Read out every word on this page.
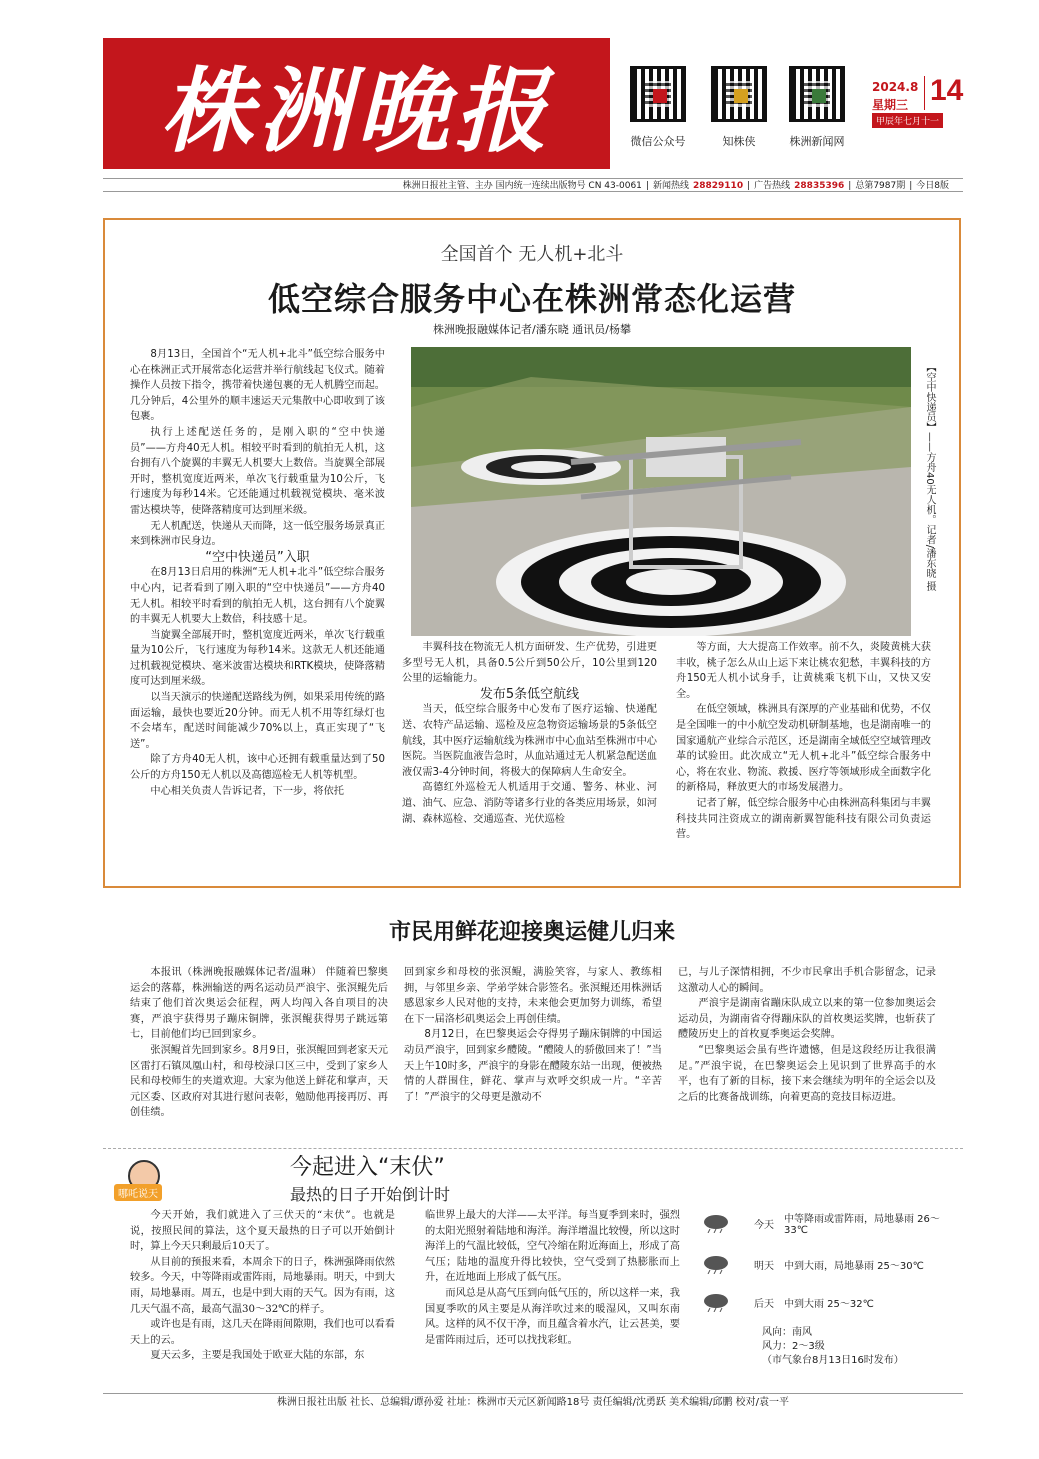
株洲晚报	微信公众号	知株侠	株洲新闻网
2024.8
星期三 14
甲辰年七月十一
株洲日报社主管、主办 国内统一连续出版物号 CN 43-0061 | 新闻热线 28829110 | 广告热线 28835396 | 总第7987期 | 今日8版
全国首个 无人机+北斗
低空综合服务中心在株洲常态化运营
株洲晚报融媒体记者/潘东晓 通讯员/杨攀
【空中快递员】——方舟40无人机。记者/潘东晓 摄

8月13日，全国首个“无人机+北斗”低空综合服务中心在株洲正式开展常态化运营并举行航线起飞仪式。随着操作人员按下指令，携带着快递包裹的无人机腾空而起。几分钟后，4公里外的顺丰速运天元集散中心即收到了该包裹。

执行上述配送任务的，是刚入职的“空中快递员”——方舟40无人机。相较平时看到的航拍无人机，这台拥有八个旋翼的丰翼无人机要大上数倍。当旋翼全部展开时，整机宽度近两米，单次飞行载重量为10公斤，飞行速度为每秒14米。它还能通过机载视觉模块、毫米波雷达模块等，使降落精度可达到厘米级。

无人机配送，快递从天而降，这一低空服务场景真正来到株洲市民身边。

“空中快递员”入职

在8月13日启用的株洲“无人机+北斗”低空综合服务中心内，记者看到了刚入职的“空中快递员”——方舟40无人机。相较平时看到的航拍无人机，这台拥有八个旋翼的丰翼无人机要大上数倍，科技感十足。

当旋翼全部展开时，整机宽度近两米，单次飞行载重量为10公斤，飞行速度为每秒14米。这款无人机还能通过机载视觉模块、毫米波雷达模块和RTK模块，使降落精度可达到厘米级。

以当天演示的快递配送路线为例，如果采用传统的路面运输，最快也要近20分钟。而无人机不用等红绿灯也不会堵车，配送时间能减少70%以上，真正实现了“飞送”。

除了方舟40无人机，该中心还拥有载重量达到了50公斤的方舟150无人机以及高德巡检无人机等机型。

中心相关负责人告诉记者，下一步，将依托

丰翼科技在物流无人机方面研发、生产优势，引进更多型号无人机，具备0.5公斤到50公斤，10公里到120公里的运输能力。

发布5条低空航线

当天，低空综合服务中心发布了医疗运输、快递配送、农特产品运输、巡检及应急物资运输场景的5条低空航线，其中医疗运输航线为株洲市中心血站至株洲市中心医院。当医院血液告急时，从血站通过无人机紧急配送血液仅需3-4分钟时间，将极大的保障病人生命安全。

高德红外巡检无人机适用于交通、警务、林业、河道、油气、应急、消防等诸多行业的各类应用场景，如河湖、森林巡检、交通巡查、光伏巡检

等方面，大大提高工作效率。前不久，炎陵黄桃大获丰收，桃子怎么从山上运下来让桃农犯愁，丰翼科技的方舟150无人机小试身手，让黄桃乘飞机下山，又快又安全。

在低空领域，株洲具有深厚的产业基础和优势，不仅是全国唯一的中小航空发动机研制基地，也是湖南唯一的国家通航产业综合示范区，还是湖南全域低空空域管理改革的试验田。此次成立“无人机+北斗”低空综合服务中心，将在农业、物流、救援、医疗等领域形成全面数字化的新格局，释放更大的市场发展潜力。

记者了解，低空综合服务中心由株洲高科集团与丰翼科技共同注资成立的湖南新翼智能科技有限公司负责运营。

市民用鲜花迎接奥运健儿归来

本报讯（株洲晚报融媒体记者/温琳） 伴随着巴黎奥运会的落幕，株洲输送的两名运动员严浪宇、张溟鲲先后结束了他们首次奥运会征程，两人均闯入各自项目的决赛，严浪宇获得男子蹦床铜牌，张溟鲲获得男子跳远第七，目前他们均已回到家乡。

张溟鲲首先回到家乡。8月9日，张溟鲲回到老家天元区雷打石镇凤凰山村，和母校渌口区三中，受到了家乡人民和母校师生的夹道欢迎。大家为他送上鲜花和掌声，天元区委、区政府对其进行慰问表彰，勉励他再接再厉、再创佳绩。

回到家乡和母校的张溟鲲，满脸笑容，与家人、教练相拥，与邻里乡亲、学弟学妹合影签名。张溟鲲还用株洲话感恩家乡人民对他的支持，未来他会更加努力训练，希望在下一届洛杉矶奥运会上再创佳绩。

8月12日，在巴黎奥运会夺得男子蹦床铜牌的中国运动员严浪宇，回到家乡醴陵。“醴陵人的骄傲回来了！”当天上午10时多，严浪宇的身影在醴陵东站一出现，便被热情的人群围住，鲜花、掌声与欢呼交织成一片。“辛苦了！”严浪宇的父母更是激动不

已，与儿子深情相拥，不少市民拿出手机合影留念，记录这激动人心的瞬间。

严浪宇是湖南省蹦床队成立以来的第一位参加奥运会运动员，为湖南省夺得蹦床队的首枚奥运奖牌，也斩获了醴陵历史上的首枚夏季奥运会奖牌。

“巴黎奥运会虽有些许遗憾，但是这段经历让我很满足。”严浪宇说，在巴黎奥运会上见识到了世界高手的水平，也有了新的目标，接下来会继续为明年的全运会以及之后的比赛备战训练，向着更高的竞技目标迈进。

哪吒说天
今起进入“末伏”
最热的日子开始倒计时

今天开始，我们就进入了三伏天的“末伏”。也就是说，按照民间的算法，这个夏天最热的日子可以开始倒计时，算上今天只剩最后10天了。

从目前的预报来看，本周余下的日子，株洲强降雨依然较多。今天，中等降雨或雷阵雨，局地暴雨。明天，中到大雨，局地暴雨。周五，也是中到大雨的天气。因为有雨，这几天气温不高，最高气温30～32℃的样子。

或许也是有雨，这几天在降雨间隙期，我们也可以看看天上的云。

夏天云多，主要是我国处于欧亚大陆的东部，东

临世界上最大的大洋——太平洋。每当夏季到来时，强烈的太阳光照射着陆地和海洋。海洋增温比较慢，所以这时海洋上的气温比较低，空气冷缩在附近海面上，形成了高气压；陆地的温度升得比较快，空气受到了热膨胀而上升，在近地面上形成了低气压。

而风总是从高气压到向低气压的，所以这样一来，我国夏季吹的风主要是从海洋吹过来的暖湿风，又叫东南风。这样的风不仅干净，而且蕴含着水汽，让云甚美，要是雷阵雨过后，还可以找找彩虹。

今天 中等降雨或雷阵雨，局地暴雨 26～33℃
明天 中到大雨，局地暴雨 25～30℃
后天 中到大雨 25～32℃
风向：南风
风力：2～3级
（市气象台8月13日16时发布）
株洲日报社出版 社长、总编辑/谭孙爱 社址：株洲市天元区新闻路18号 责任编辑/沈勇跃 美术编辑/邱鹏 校对/袁一平
